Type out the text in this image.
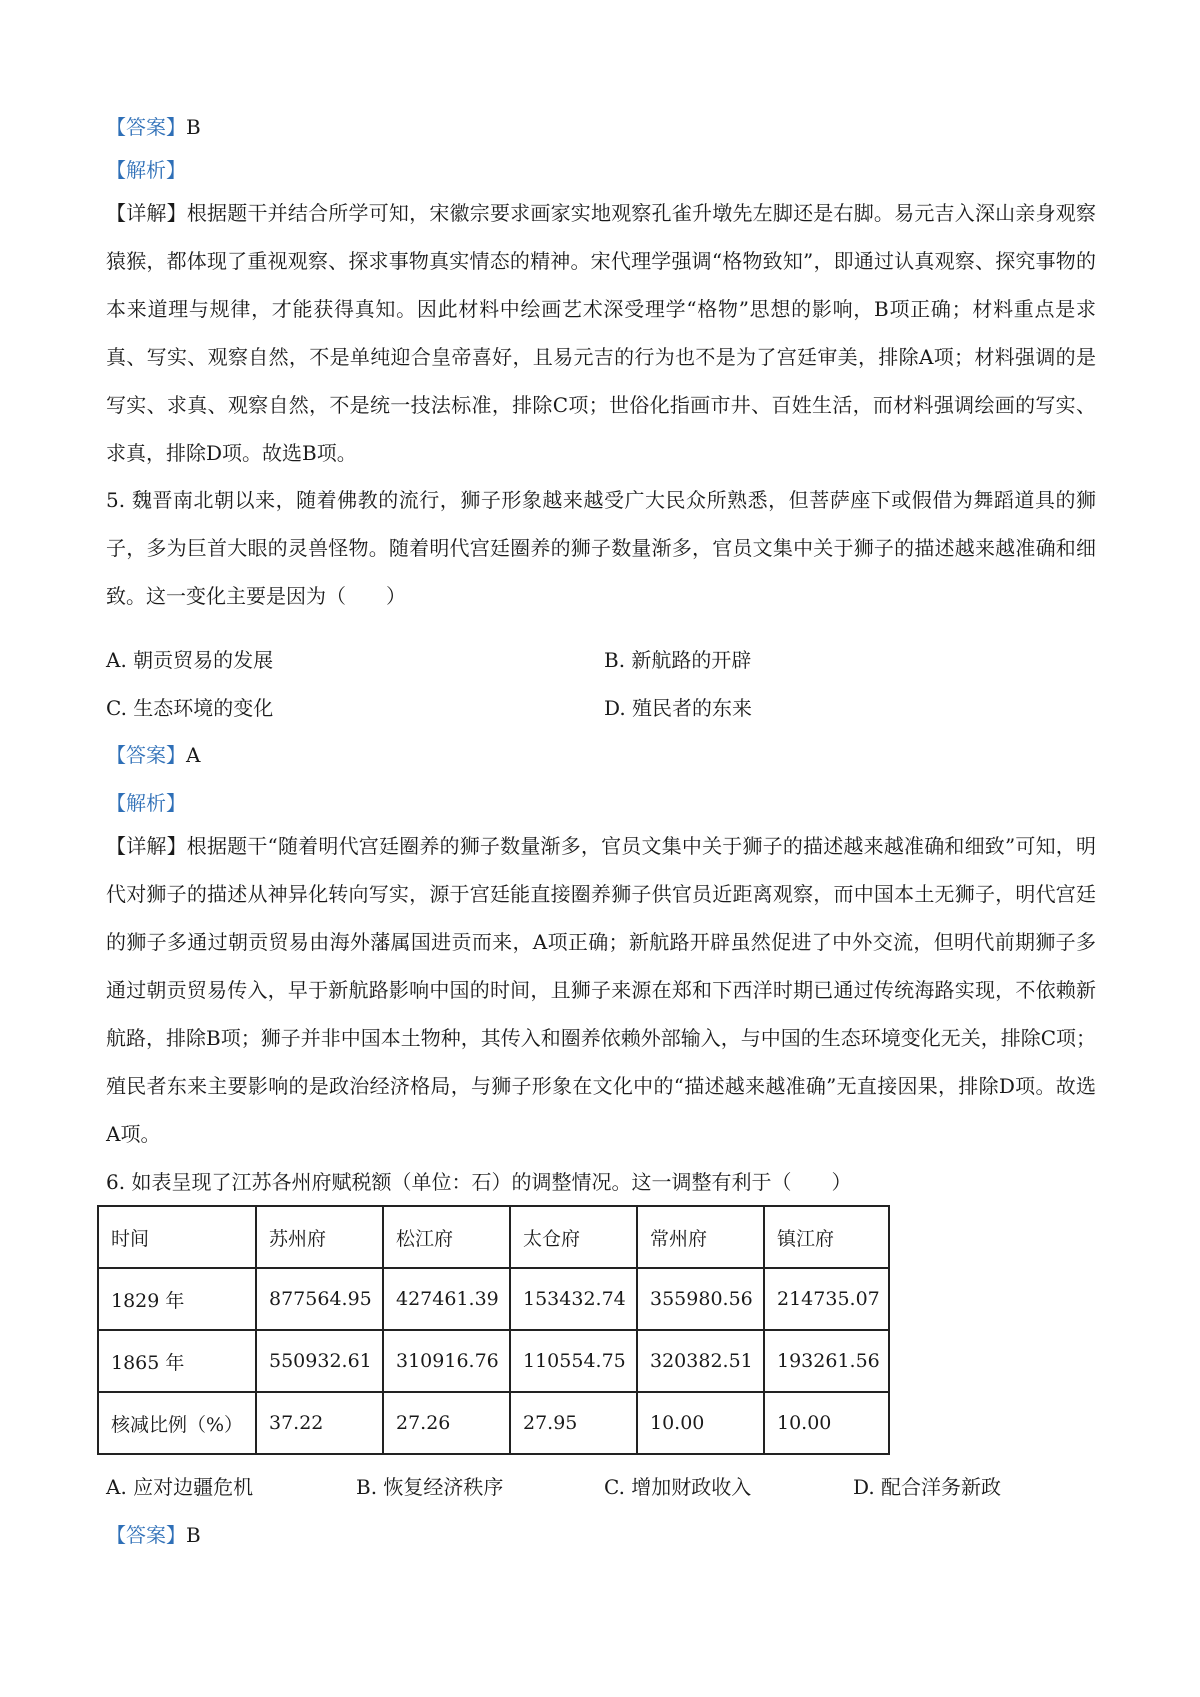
【答案】B
【解析】
【详解】根据题干并结合所学可知，宋徽宗要求画家实地观察孔雀升墩先左脚还是右脚。易元吉入深山亲身观察猿猴，都体现了重视观察、探求事物真实情态的精神。宋代理学强调“格物致知”，即通过认真观察、探究事物的本来道理与规律，才能获得真知。因此材料中绘画艺术深受理学“格物”思想的影响，B项正确；材料重点是求真、写实、观察自然，不是单纯迎合皇帝喜好，且易元吉的行为也不是为了宫廷审美，排除A项；材料强调的是写实、求真、观察自然，不是统一技法标准，排除C项；世俗化指画市井、百姓生活，而材料强调绘画的写实、求真，排除D项。故选B项。
5. 魏晋南北朝以来，随着佛教的流行，狮子形象越来越受广大民众所熟悉，但菩萨座下或假借为舞蹈道具的狮子，多为巨首大眼的灵兽怪物。随着明代宫廷圈养的狮子数量渐多，官员文集中关于狮子的描述越来越准确和细致。这一变化主要是因为（　　）
A. 朝贡贸易的发展	B. 新航路的开辟
C. 生态环境的变化	D. 殖民者的东来
【答案】A
【解析】
【详解】根据题干“随着明代宫廷圈养的狮子数量渐多，官员文集中关于狮子的描述越来越准确和细致”可知，明代对狮子的描述从神异化转向写实，源于宫廷能直接圈养狮子供官员近距离观察，而中国本土无狮子，明代宫廷的狮子多通过朝贡贸易由海外藩属国进贡而来，A项正确；新航路开辟虽然促进了中外交流，但明代前期狮子多通过朝贡贸易传入，早于新航路影响中国的时间，且狮子来源在郑和下西洋时期已通过传统海路实现，不依赖新航路，排除B项；狮子并非中国本土物种，其传入和圈养依赖外部输入，与中国的生态环境变化无关，排除C项；殖民者东来主要影响的是政治经济格局，与狮子形象在文化中的“描述越来越准确”无直接因果，排除D项。故选A项。
6. 如表呈现了江苏各州府赋税额（单位：石）的调整情况。这一调整有利于（　　）
时间	苏州府	松江府	太仓府	常州府	镇江府
1829 年	877564.95	427461.39	153432.74	355980.56	214735.07
1865 年	550932.61	310916.76	110554.75	320382.51	193261.56
核减比例（%）	37.22	27.26	27.95	10.00	10.00
A. 应对边疆危机	B. 恢复经济秩序	C. 增加财政收入	D. 配合洋务新政
【答案】B
